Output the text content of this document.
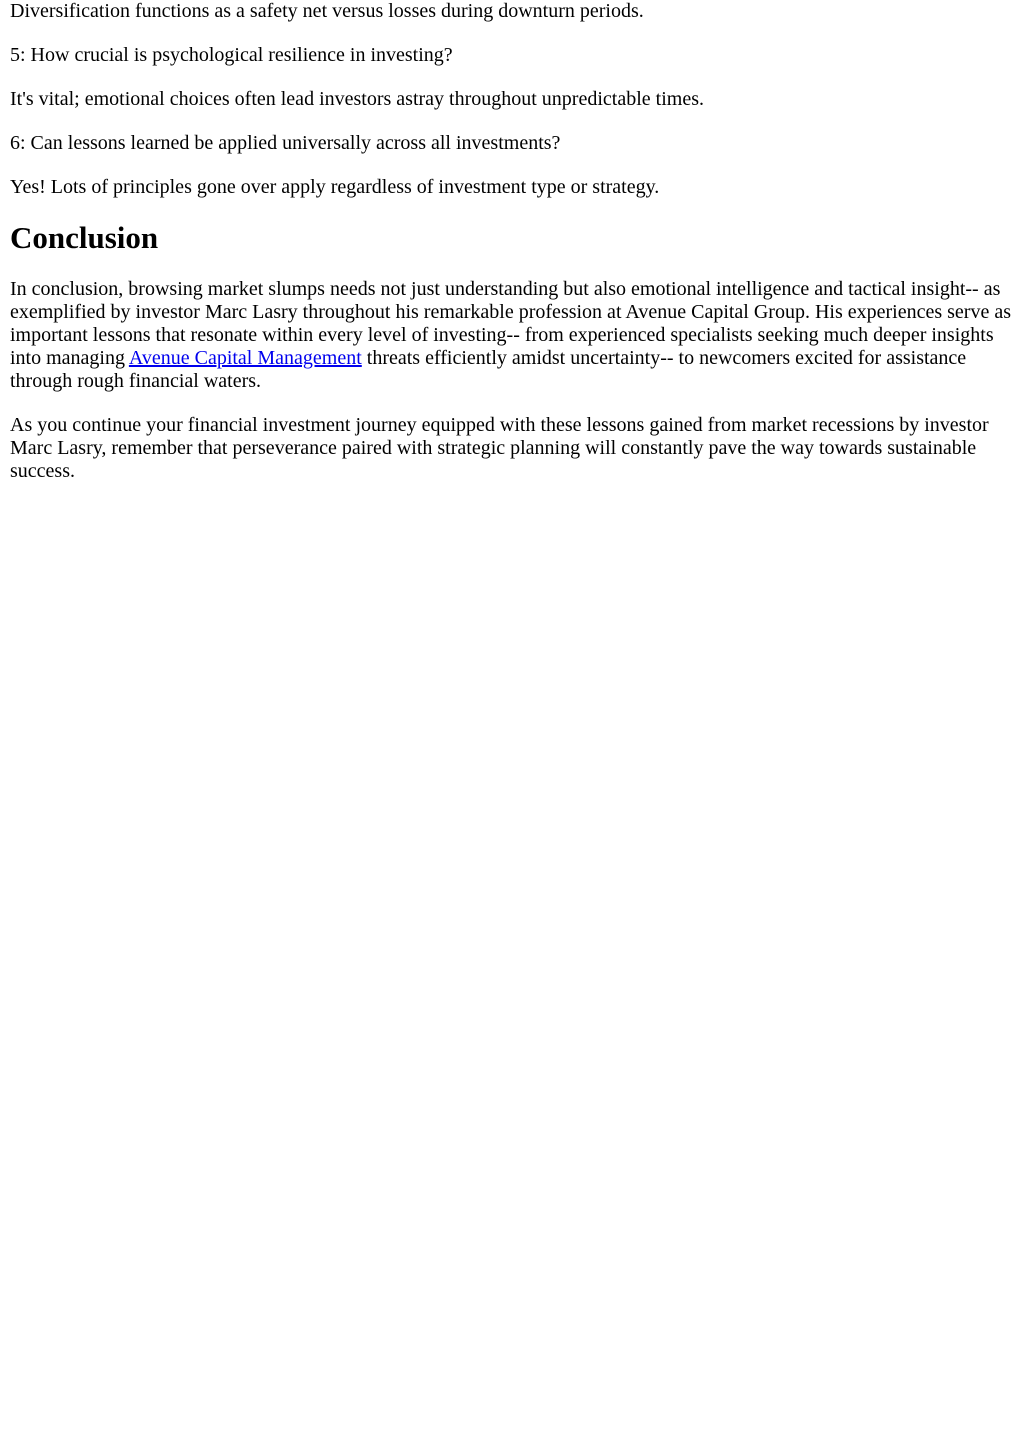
Diversification functions as a safety net versus losses during downturn periods.

5: How crucial is psychological resilience in investing?

It's vital; emotional choices often lead investors astray throughout unpredictable times.

6: Can lessons learned be applied universally across all investments?

Yes! Lots of principles gone over apply regardless of investment type or strategy.

Conclusion

In conclusion, browsing market slumps needs not just understanding but also emotional intelligence and tactical insight-- as exemplified by investor Marc Lasry throughout his remarkable profession at Avenue Capital Group. His experiences serve as important lessons that resonate within every level of investing-- from experienced specialists seeking much deeper insights into managing Avenue Capital Management threats efficiently amidst uncertainty-- to newcomers excited for assistance through rough financial waters.

As you continue your financial investment journey equipped with these lessons gained from market recessions by investor Marc Lasry, remember that perseverance paired with strategic planning will constantly pave the way towards sustainable success.
